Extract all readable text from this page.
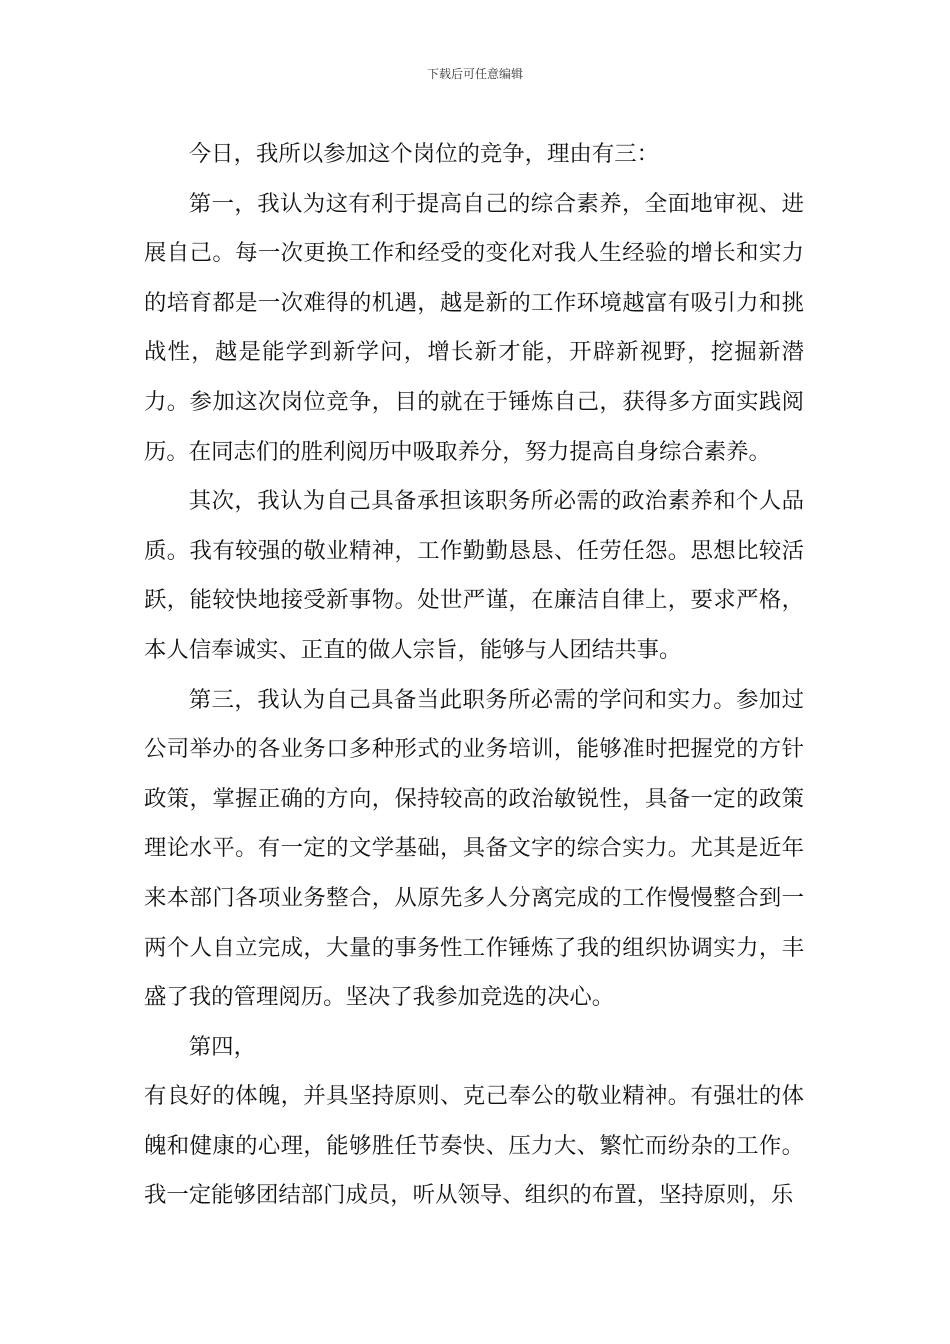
下载后可任意编辑

今日，我所以参加这个岗位的竞争，理由有三：

第一，我认为这有利于提高自己的综合素养，全面地审视、进展自己。每一次更换工作和经受的变化对我人生经验的增长和实力的培育都是一次难得的机遇，越是新的工作环境越富有吸引力和挑战性，越是能学到新学问，增长新才能，开辟新视野，挖掘新潜力。参加这次岗位竞争，目的就在于锤炼自己，获得多方面实践阅历。在同志们的胜利阅历中吸取养分，努力提高自身综合素养。

其次，我认为自己具备承担该职务所必需的政治素养和个人品质。我有较强的敬业精神，工作勤勤恳恳、任劳任怨。思想比较活跃，能较快地接受新事物。处世严谨，在廉洁自律上，要求严格，本人信奉诚实、正直的做人宗旨，能够与人团结共事。

第三，我认为自己具备当此职务所必需的学问和实力。参加过公司举办的各业务口多种形式的业务培训，能够准时把握党的方针政策，掌握正确的方向，保持较高的政治敏锐性，具备一定的政策理论水平。有一定的文学基础，具备文字的综合实力。尤其是近年来本部门各项业务整合，从原先多人分离完成的工作慢慢整合到一两个人自立完成，大量的事务性工作锤炼了我的组织协调实力，丰盛了我的管理阅历。坚决了我参加竞选的决心。

第四，

有良好的体魄，并具坚持原则、克己奉公的敬业精神。有强壮的体魄和健康的心理，能够胜任节奏快、压力大、繁忙而纷杂的工作。我一定能够团结部门成员，听从领导、组织的布置，坚持原则，乐
